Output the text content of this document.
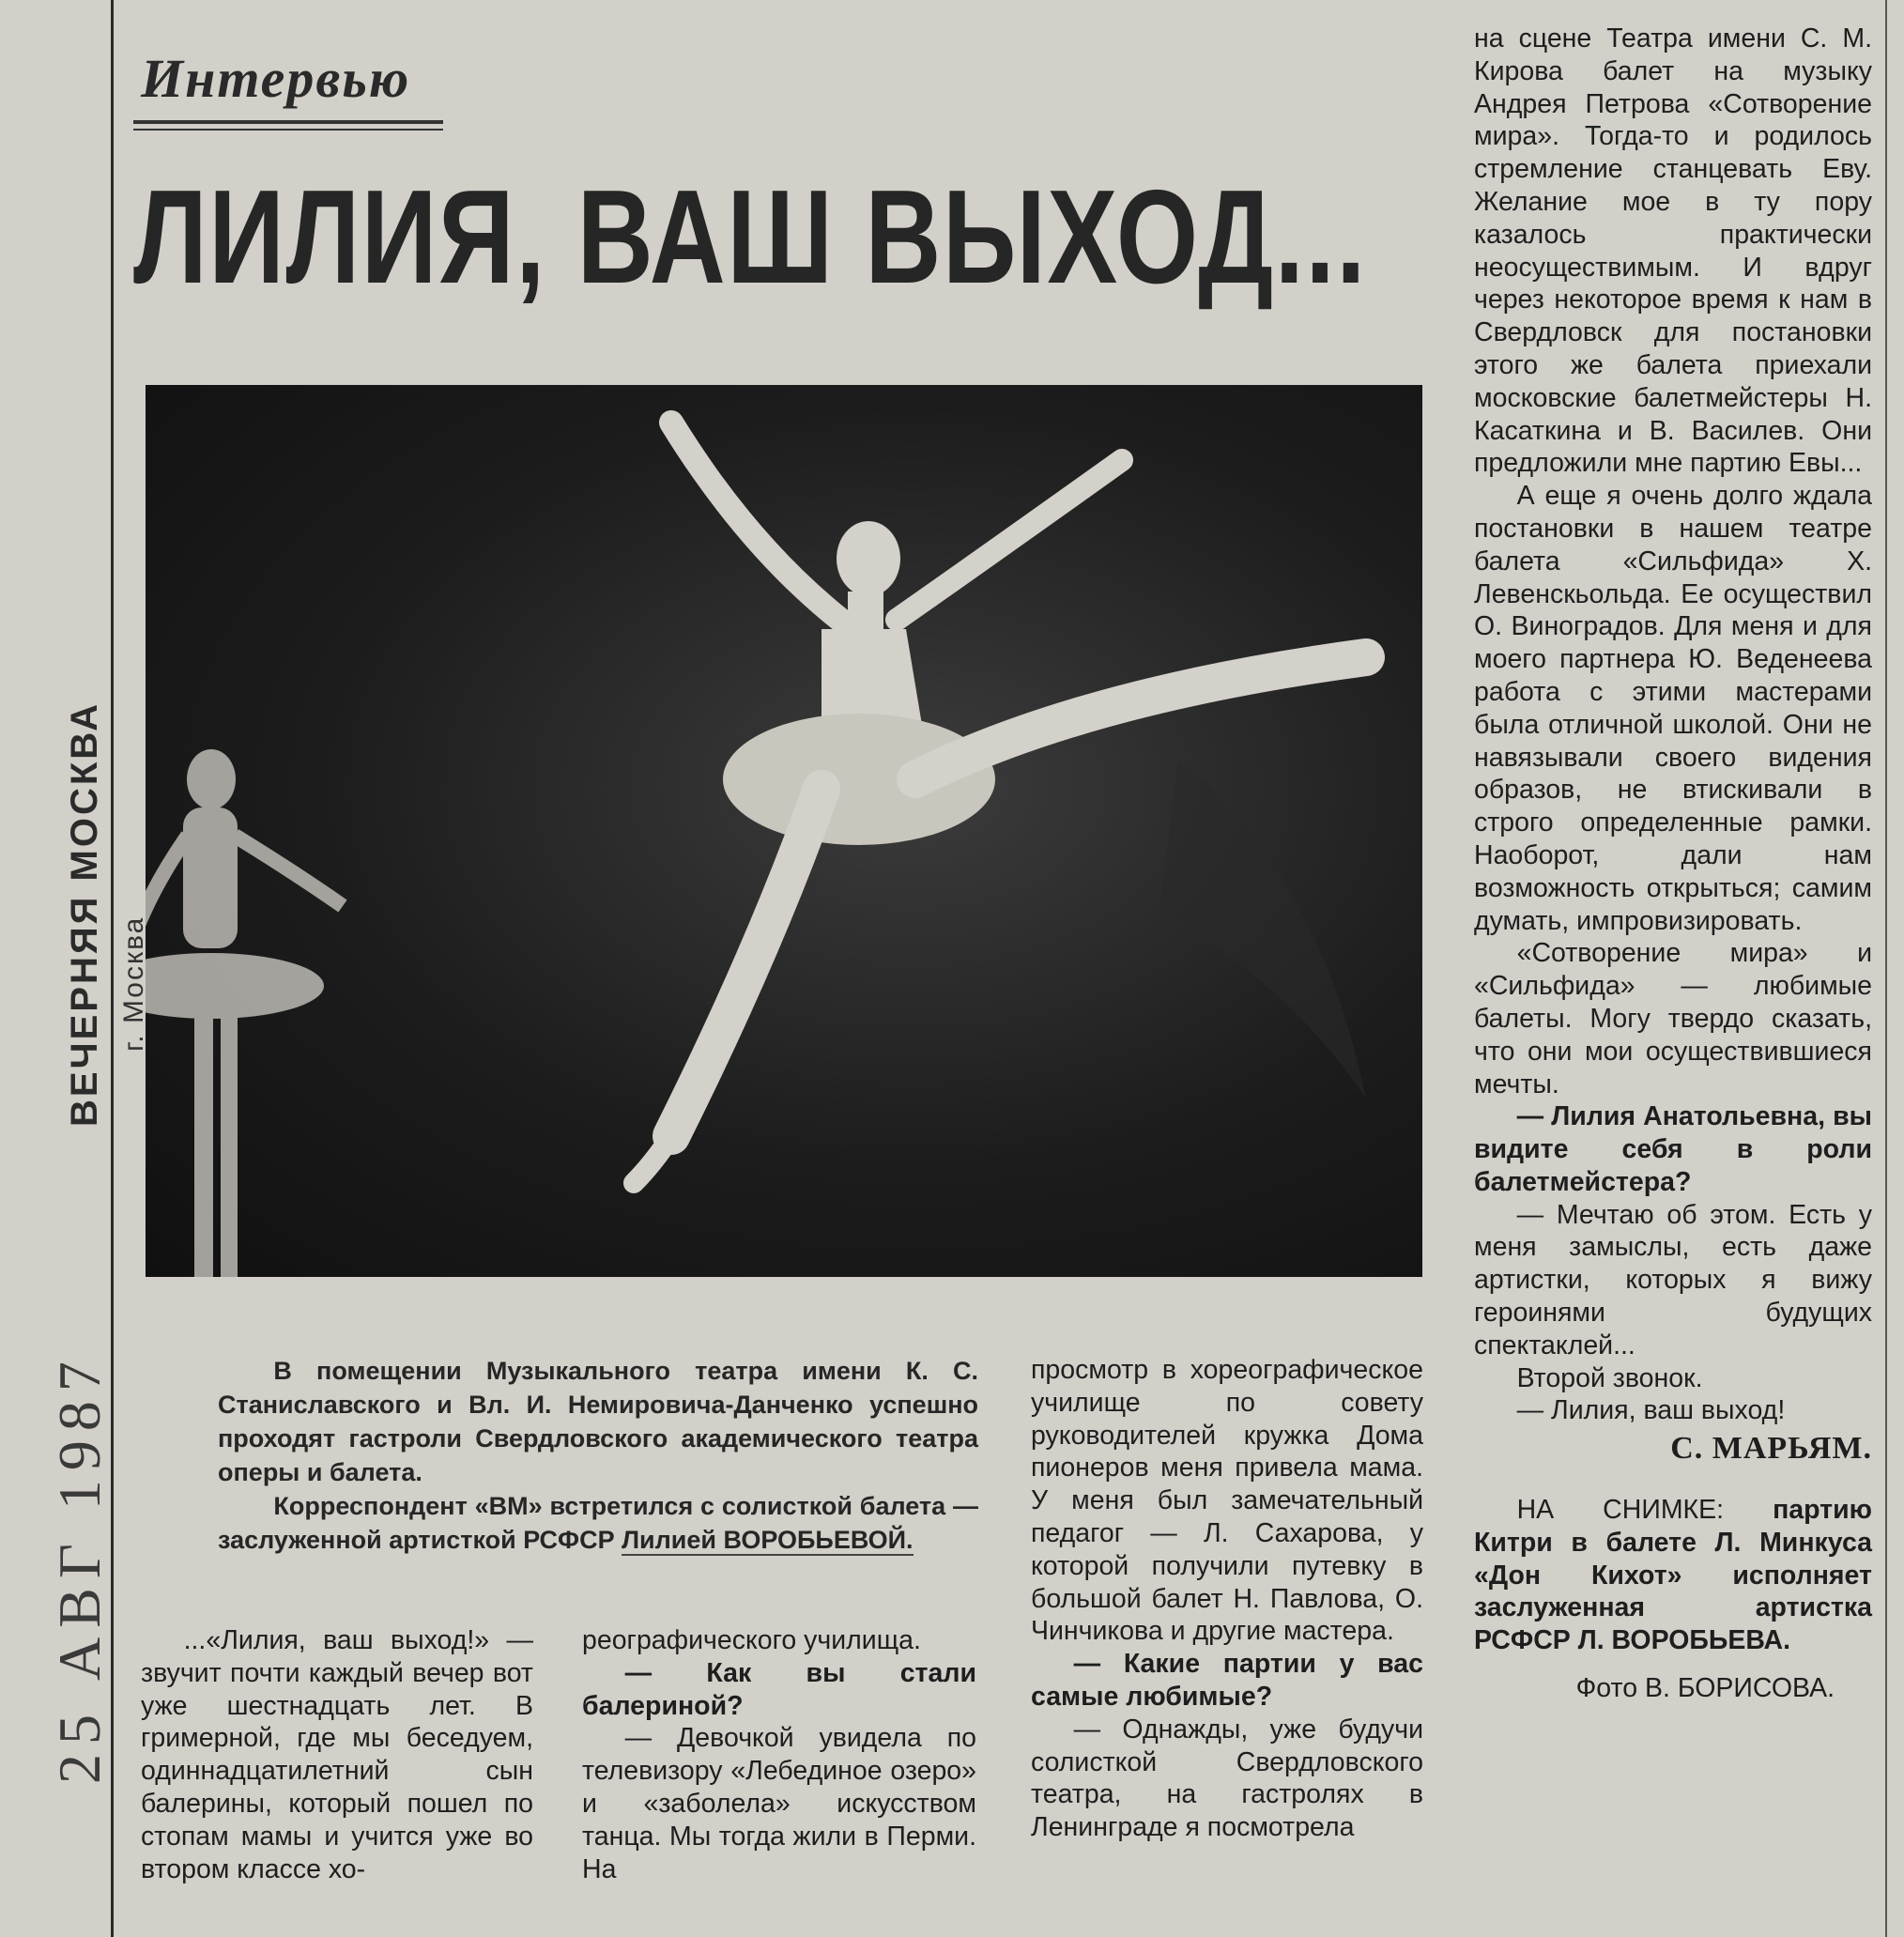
Интервью
ЛИЛИЯ, ВАШ ВЫХОД...
ВЕЧЕРНЯЯ МОСКВА г. Москва
25 АВГ 1987	В помещении Музыкального театра имени К. С. Станиславского и Вл. И. Немировича-Данченко успешно проходят гастроли Свердловского академического театра оперы и балета.

Корреспондент «ВМ» встретился с солисткой балета — заслуженной артисткой РСФСР Лилией ВОРОБЬЕВОЙ.

...«Лилия, ваш выход!» — звучит почти каждый вечер вот уже шестнадцать лет. В гримерной, где мы беседуем, одиннадцатилетний сын балерины, который пошел по стопам мамы и учится уже во втором классе хо-

реографического училища.

— Как вы стали балериной?

— Девочкой увидела по телевизору «Лебединое озеро» и «заболела» искусством танца. Мы тогда жили в Перми. На

просмотр в хореографическое училище по совету руководителей кружка Дома пионеров меня привела мама. У меня был замечательный педагог — Л. Сахарова, у которой получили путевку в большой балет Н. Павлова, О. Чинчикова и другие мастера.

— Какие партии у вас самые любимые?

— Однажды, уже будучи солисткой Свердловского театра, на гастролях в Ленинграде я посмотрела

на сцене Театра имени С. М. Кирова балет на музыку Андрея Петрова «Сотворение мира». Тогда-то и родилось стремление станцевать Еву. Желание мое в ту пору казалось практически неосуществимым. И вдруг через некоторое время к нам в Свердловск для постановки этого же балета приехали московские балетмейстеры Н. Касаткина и В. Василев. Они предложили мне партию Евы...

А еще я очень долго ждала постановки в нашем театре балета «Сильфида» Х. Левенскьольда. Ее осуществил О. Виноградов. Для меня и для моего партнера Ю. Веденеева работа с этими мастерами была отличной школой. Они не навязывали своего видения образов, не втискивали в строго определенные рамки. Наоборот, дали нам возможность открыться; самим думать, импровизировать.

«Сотворение мира» и «Сильфида» — любимые балеты. Могу твердо сказать, что они мои осуществившиеся мечты.

— Лилия Анатольевна, вы видите себя в роли балетмейстера?

— Мечтаю об этом. Есть у меня замыслы, есть даже артистки, которых я вижу героинями будущих спектаклей...

Второй звонок.

— Лилия, ваш выход!

С. МАРЬЯМ.

НА СНИМКЕ: партию Китри в балете Л. Минкуса «Дон Кихот» исполняет заслуженная артистка РСФСР Л. ВОРОБЬЕВА.

Фото В. БОРИСОВА.
